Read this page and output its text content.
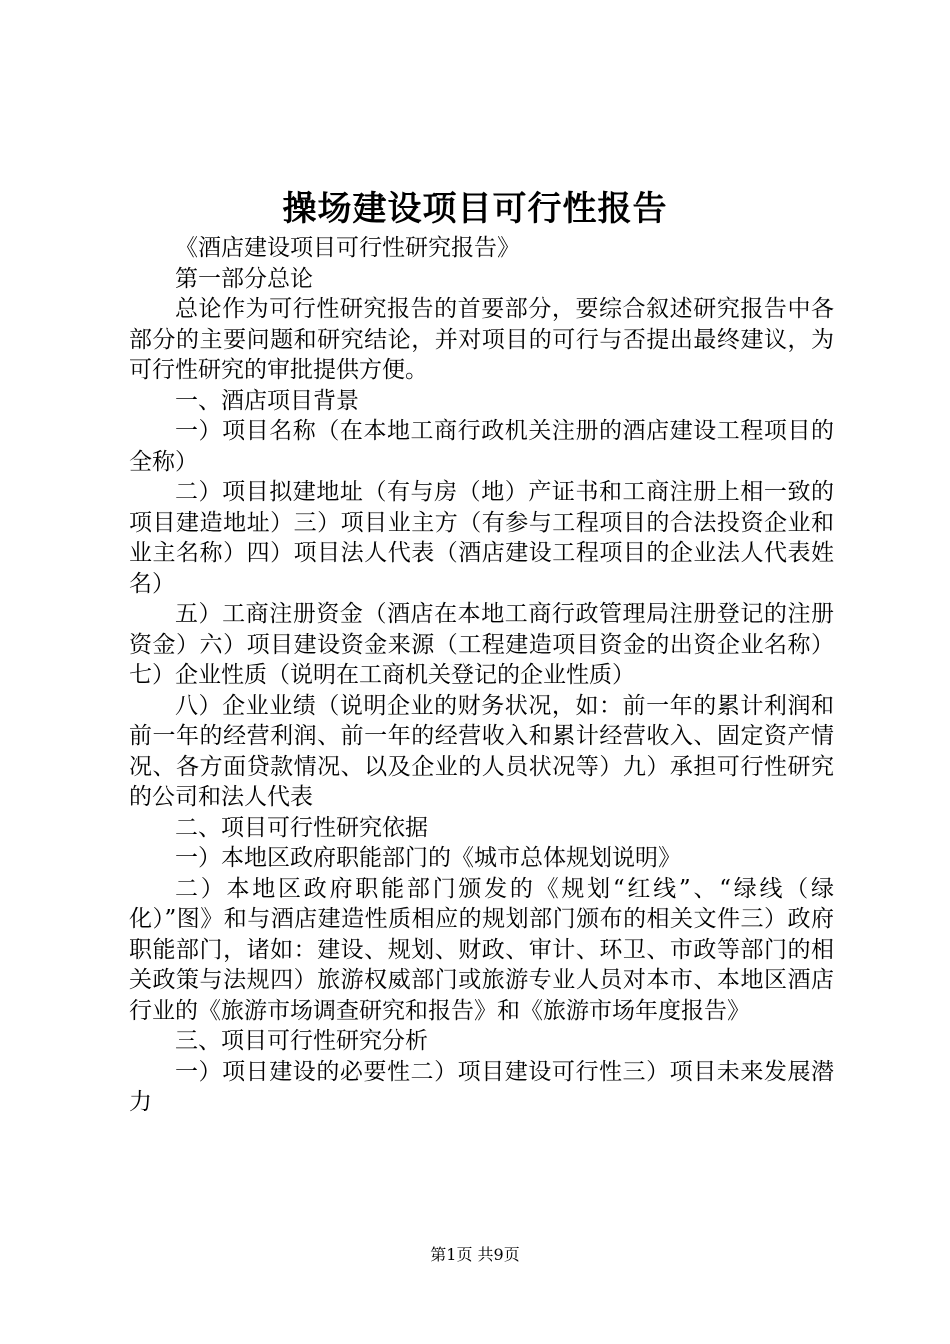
操场建设项目可行性报告

《酒店建设项目可行性研究报告》

第一部分总论

总论作为可行性研究报告的首要部分，要综合叙述研究报告中各部分的主要问题和研究结论，并对项目的可行与否提出最终建议，为可行性研究的审批提供方便。

一、酒店项目背景

一）项目名称（在本地工商行政机关注册的酒店建设工程项目的全称）

二）项目拟建地址（有与房（地）产证书和工商注册上相一致的项目建造地址）三）项目业主方（有参与工程项目的合法投资企业和业主名称）四）项目法人代表（酒店建设工程项目的企业法人代表姓名）

五）工商注册资金（酒店在本地工商行政管理局注册登记的注册资金）六）项目建设资金来源（工程建造项目资金的出资企业名称）七）企业性质（说明在工商机关登记的企业性质）

八）企业业绩（说明企业的财务状况，如：前一年的累计利润和前一年的经营利润、前一年的经营收入和累计经营收入、固定资产情况、各方面贷款情况、以及企业的人员状况等）九）承担可行性研究的公司和法人代表

二、项目可行性研究依据

一）本地区政府职能部门的《城市总体规划说明》

二）本地区政府职能部门颁发的《规划“红线”、“绿线（绿化）”图》和与酒店建造性质相应的规划部门颁布的相关文件三）政府职能部门，诸如：建设、规划、财政、审计、环卫、市政等部门的相关政策与法规四）旅游权威部门或旅游专业人员对本市、本地区酒店行业的《旅游市场调查研究和报告》和《旅游市场年度报告》

三、项目可行性研究分析

一）项日建设的必要性二）项目建设可行性三）项目未来发展潜力

第1页 共9页
